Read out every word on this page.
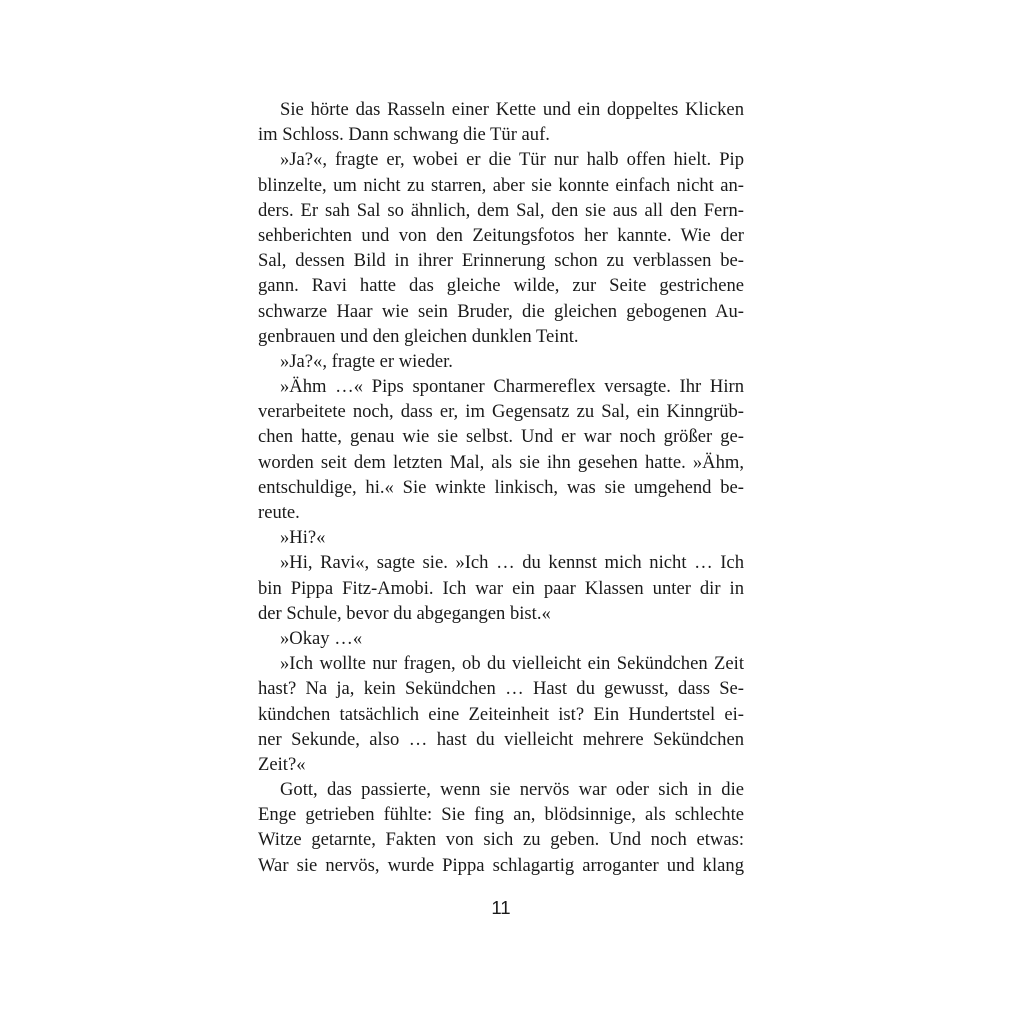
Sie hörte das Rasseln einer Kette und ein doppeltes Klicken
im Schloss. Dann schwang die Tür auf.
»Ja?«, fragte er, wobei er die Tür nur halb offen hielt. Pip
blinzelte, um nicht zu starren, aber sie konnte einfach nicht an-
ders. Er sah Sal so ähnlich, dem Sal, den sie aus all den Fern-
sehberichten und von den Zeitungsfotos her kannte. Wie der
Sal, dessen Bild in ihrer Erinnerung schon zu verblassen be-
gann. Ravi hatte das gleiche wilde, zur Seite gestrichene
schwarze Haar wie sein Bruder, die gleichen gebogenen Au-
genbrauen und den gleichen dunklen Teint.
»Ja?«, fragte er wieder.
»Ähm …« Pips spontaner Charmereflex versagte. Ihr Hirn
verarbeitete noch, dass er, im Gegensatz zu Sal, ein Kinngrüb-
chen hatte, genau wie sie selbst. Und er war noch größer ge-
worden seit dem letzten Mal, als sie ihn gesehen hatte. »Ähm,
entschuldige, hi.« Sie winkte linkisch, was sie umgehend be-
reute.
»Hi?«
»Hi, Ravi«, sagte sie. »Ich … du kennst mich nicht … Ich
bin Pippa Fitz-Amobi. Ich war ein paar Klassen unter dir in
der Schule, bevor du abgegangen bist.«
»Okay …«
»Ich wollte nur fragen, ob du vielleicht ein Sekündchen Zeit
hast? Na ja, kein Sekündchen … Hast du gewusst, dass Se-
kündchen tatsächlich eine Zeiteinheit ist? Ein Hundertstel ei-
ner Sekunde, also … hast du vielleicht mehrere Sekündchen
Zeit?«
Gott, das passierte, wenn sie nervös war oder sich in die
Enge getrieben fühlte: Sie fing an, blödsinnige, als schlechte
Witze getarnte, Fakten von sich zu geben. Und noch etwas:
War sie nervös, wurde Pippa schlagartig arroganter und klang
11
